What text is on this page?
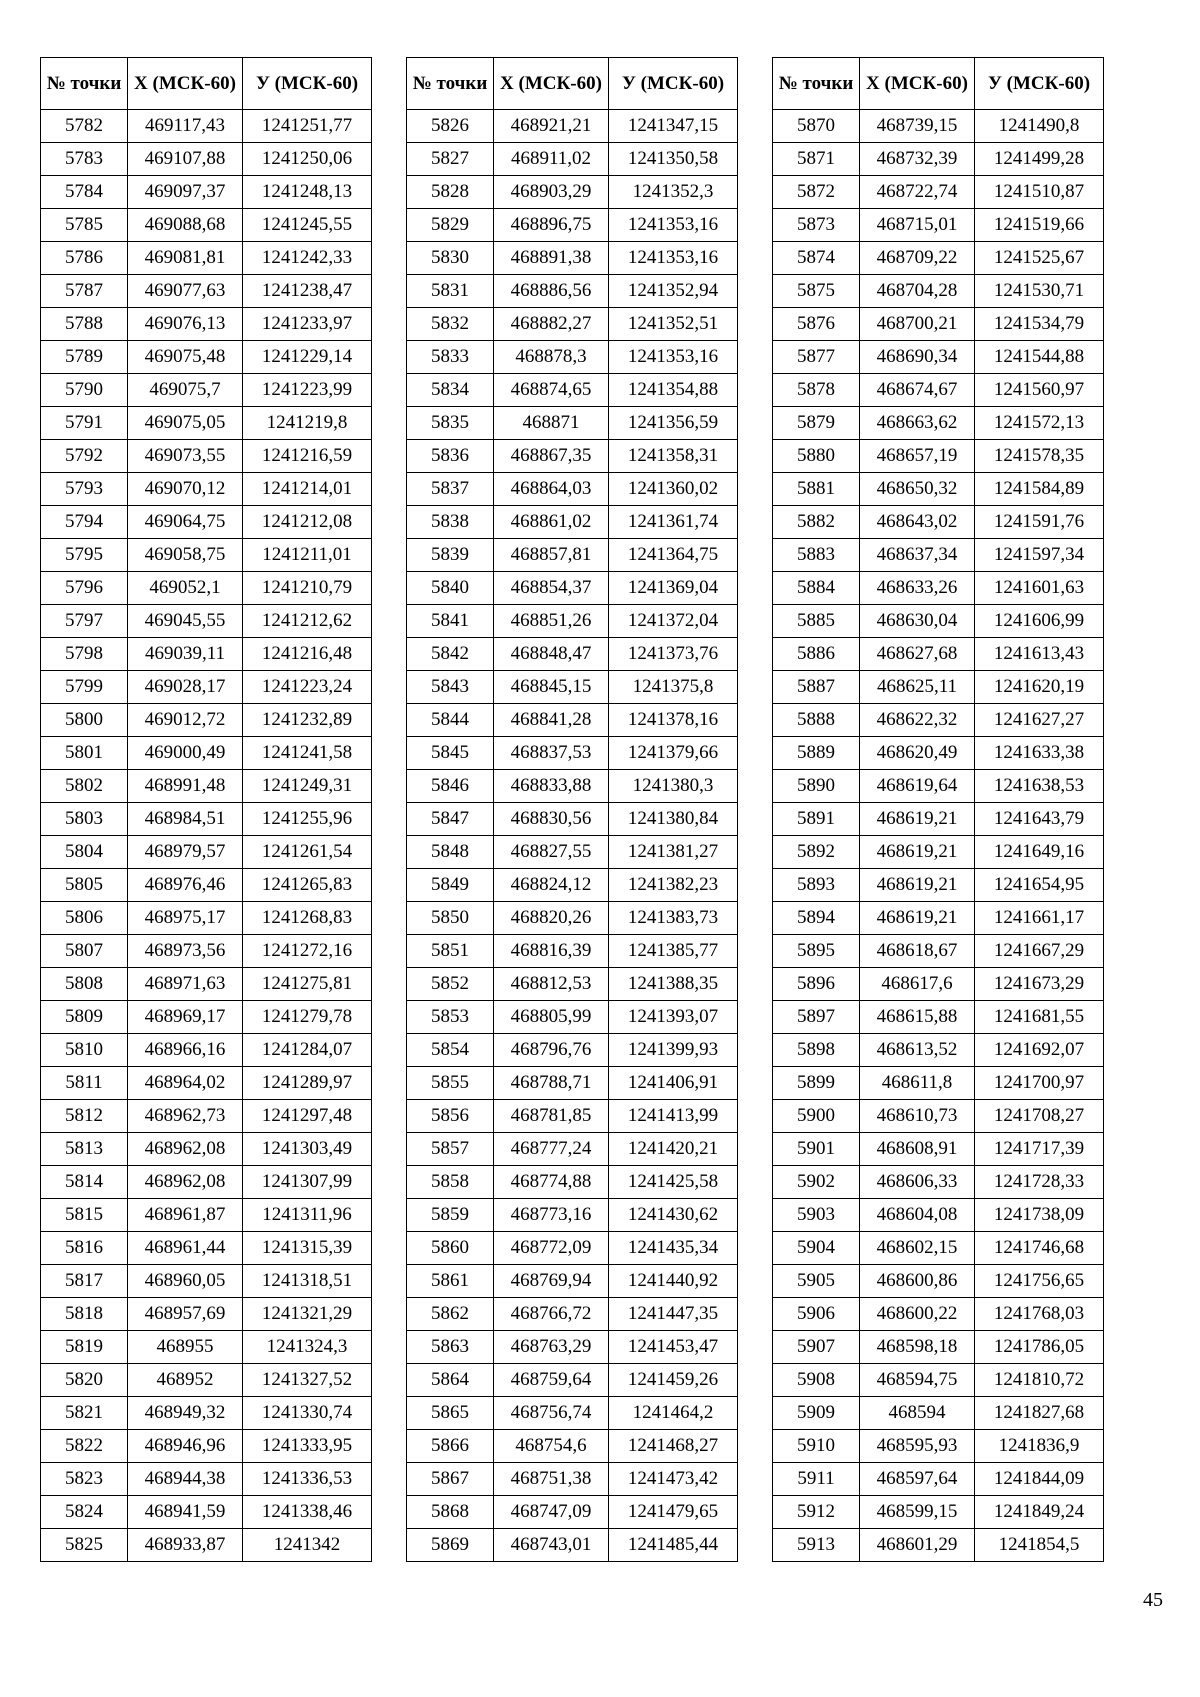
№ точки	Х (МСК-60)	У (МСК-60)
5782	469117,43	1241251,77
5783	469107,88	1241250,06
5784	469097,37	1241248,13
5785	469088,68	1241245,55
5786	469081,81	1241242,33
5787	469077,63	1241238,47
5788	469076,13	1241233,97
5789	469075,48	1241229,14
5790	469075,7	1241223,99
5791	469075,05	1241219,8
5792	469073,55	1241216,59
5793	469070,12	1241214,01
5794	469064,75	1241212,08
5795	469058,75	1241211,01
5796	469052,1	1241210,79
5797	469045,55	1241212,62
5798	469039,11	1241216,48
5799	469028,17	1241223,24
5800	469012,72	1241232,89
5801	469000,49	1241241,58
5802	468991,48	1241249,31
5803	468984,51	1241255,96
5804	468979,57	1241261,54
5805	468976,46	1241265,83
5806	468975,17	1241268,83
5807	468973,56	1241272,16
5808	468971,63	1241275,81
5809	468969,17	1241279,78
5810	468966,16	1241284,07
5811	468964,02	1241289,97
5812	468962,73	1241297,48
5813	468962,08	1241303,49
5814	468962,08	1241307,99
5815	468961,87	1241311,96
5816	468961,44	1241315,39
5817	468960,05	1241318,51
5818	468957,69	1241321,29
5819	468955	1241324,3
5820	468952	1241327,52
5821	468949,32	1241330,74
5822	468946,96	1241333,95
5823	468944,38	1241336,53
5824	468941,59	1241338,46
5825	468933,87	1241342
№ точки	Х (МСК-60)	У (МСК-60)
5826	468921,21	1241347,15
5827	468911,02	1241350,58
5828	468903,29	1241352,3
5829	468896,75	1241353,16
5830	468891,38	1241353,16
5831	468886,56	1241352,94
5832	468882,27	1241352,51
5833	468878,3	1241353,16
5834	468874,65	1241354,88
5835	468871	1241356,59
5836	468867,35	1241358,31
5837	468864,03	1241360,02
5838	468861,02	1241361,74
5839	468857,81	1241364,75
5840	468854,37	1241369,04
5841	468851,26	1241372,04
5842	468848,47	1241373,76
5843	468845,15	1241375,8
5844	468841,28	1241378,16
5845	468837,53	1241379,66
5846	468833,88	1241380,3
5847	468830,56	1241380,84
5848	468827,55	1241381,27
5849	468824,12	1241382,23
5850	468820,26	1241383,73
5851	468816,39	1241385,77
5852	468812,53	1241388,35
5853	468805,99	1241393,07
5854	468796,76	1241399,93
5855	468788,71	1241406,91
5856	468781,85	1241413,99
5857	468777,24	1241420,21
5858	468774,88	1241425,58
5859	468773,16	1241430,62
5860	468772,09	1241435,34
5861	468769,94	1241440,92
5862	468766,72	1241447,35
5863	468763,29	1241453,47
5864	468759,64	1241459,26
5865	468756,74	1241464,2
5866	468754,6	1241468,27
5867	468751,38	1241473,42
5868	468747,09	1241479,65
5869	468743,01	1241485,44
№ точки	Х (МСК-60)	У (МСК-60)
5870	468739,15	1241490,8
5871	468732,39	1241499,28
5872	468722,74	1241510,87
5873	468715,01	1241519,66
5874	468709,22	1241525,67
5875	468704,28	1241530,71
5876	468700,21	1241534,79
5877	468690,34	1241544,88
5878	468674,67	1241560,97
5879	468663,62	1241572,13
5880	468657,19	1241578,35
5881	468650,32	1241584,89
5882	468643,02	1241591,76
5883	468637,34	1241597,34
5884	468633,26	1241601,63
5885	468630,04	1241606,99
5886	468627,68	1241613,43
5887	468625,11	1241620,19
5888	468622,32	1241627,27
5889	468620,49	1241633,38
5890	468619,64	1241638,53
5891	468619,21	1241643,79
5892	468619,21	1241649,16
5893	468619,21	1241654,95
5894	468619,21	1241661,17
5895	468618,67	1241667,29
5896	468617,6	1241673,29
5897	468615,88	1241681,55
5898	468613,52	1241692,07
5899	468611,8	1241700,97
5900	468610,73	1241708,27
5901	468608,91	1241717,39
5902	468606,33	1241728,33
5903	468604,08	1241738,09
5904	468602,15	1241746,68
5905	468600,86	1241756,65
5906	468600,22	1241768,03
5907	468598,18	1241786,05
5908	468594,75	1241810,72
5909	468594	1241827,68
5910	468595,93	1241836,9
5911	468597,64	1241844,09
5912	468599,15	1241849,24
5913	468601,29	1241854,5
45
